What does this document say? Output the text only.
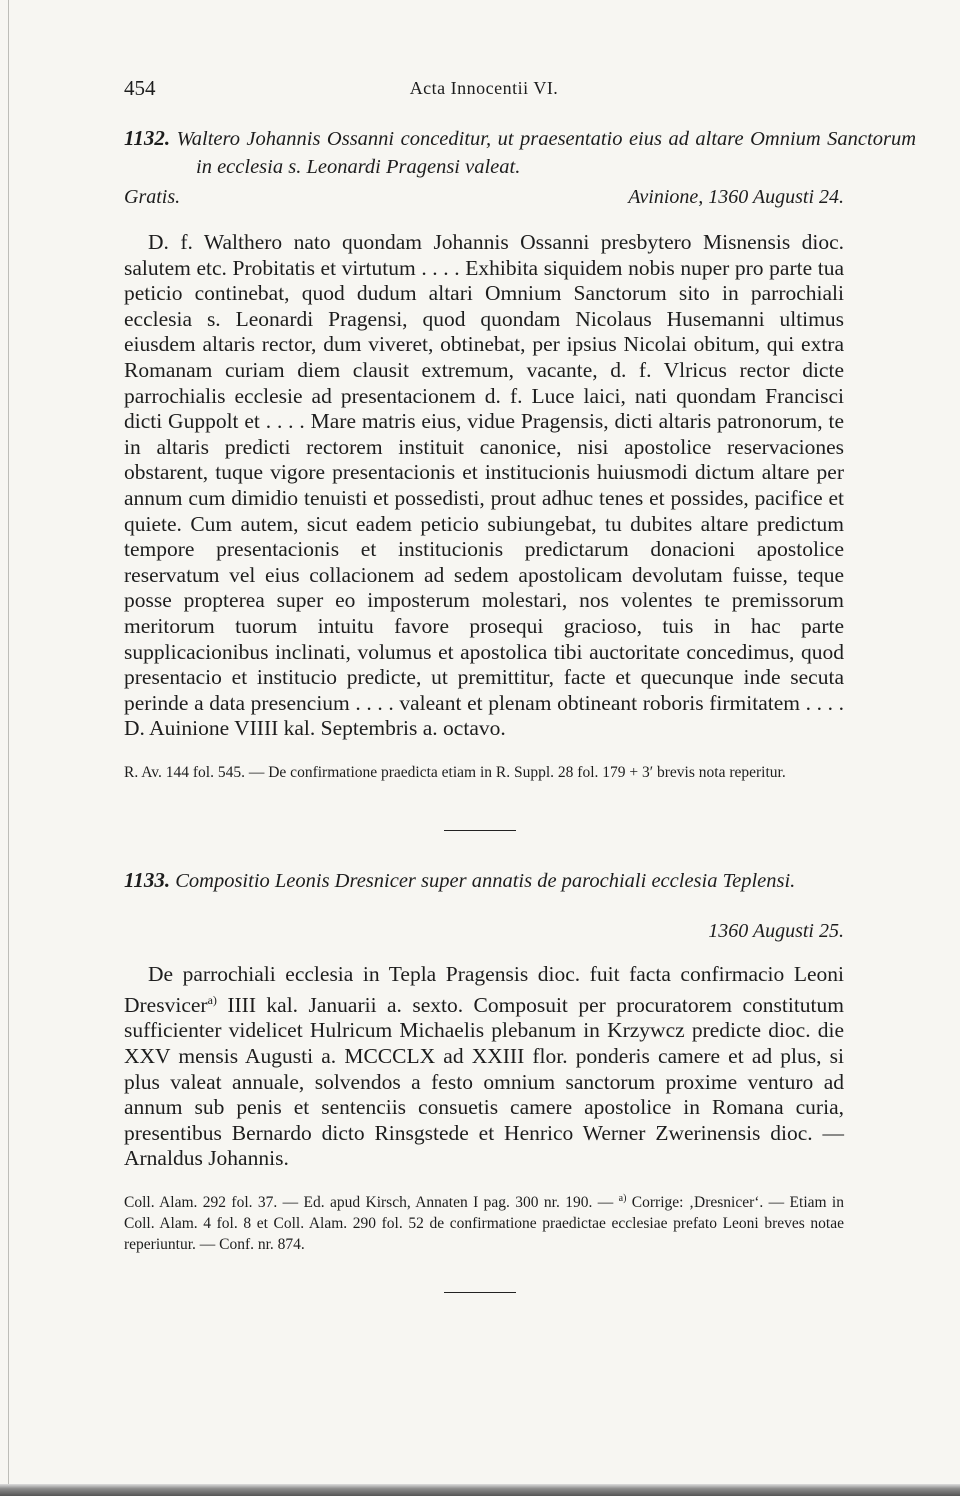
454	Acta Innocentii VI.
1132. Waltero Johannis Ossanni conceditur, ut praesentatio eius ad altare Omnium Sanctorum in ecclesia s. Leonardi Pragensi valeat.
Gratis.	Avinione, 1360 Augusti 24.

D. f. Walthero nato quondam Johannis Ossanni presbytero Misnensis dioc. salutem etc. Probitatis et virtutum . . . . Exhibita siquidem nobis nuper pro parte tua peticio continebat, quod dudum altari Omnium Sanctorum sito in parrochiali ecclesia s. Leonardi Pragensi, quod quondam Nicolaus Husemanni ultimus eiusdem altaris rector, dum viveret, obtinebat, per ipsius Nicolai obitum, qui extra Romanam curiam diem clausit extremum, vacante, d. f. Vlricus rector dicte parrochialis ecclesie ad presentacionem d. f. Luce laici, nati quondam Francisci dicti Guppolt et . . . . Mare matris eius, vidue Pragensis, dicti altaris patronorum, te in altaris predicti rectorem instituit canonice, nisi apostolice reservaciones obstarent, tuque vigore presentacionis et institucionis huiusmodi dictum altare per annum cum dimidio tenuisti et possedisti, prout adhuc tenes et possides, pacifice et quiete. Cum autem, sicut eadem peticio subiungebat, tu dubites altare predictum tempore presentacionis et institucionis predictarum donacioni apostolice reservatum vel eius collacionem ad sedem apostolicam devolutam fuisse, teque posse propterea super eo imposterum molestari, nos volentes te premissorum meritorum tuorum intuitu favore prosequi gracioso, tuis in hac parte supplicacionibus inclinati, volumus et apostolica tibi auctoritate concedimus, quod presentacio et institucio predicte, ut premittitur, facte et quecunque inde secuta perinde a data presencium . . . . valeant et plenam obtineant roboris firmitatem . . . . D. Auinione VIIII kal. Septembris a. octavo.

R. Av. 144 fol. 545. — De confirmatione praedicta etiam in R. Suppl. 28 fol. 179 + 3′ brevis nota reperitur.
1133. Compositio Leonis Dresnicer super annatis de parochiali ecclesia Teplensi.
1360 Augusti 25.

De parrochiali ecclesia in Tepla Pragensis dioc. fuit facta confirmacio Leoni Dresvicer$^{a)}$ IIII kal. Januarii a. sexto. Composuit per procuratorem constitutum sufficienter videlicet Hulricum Michaelis plebanum in Krzywcz predicte dioc. die XXV mensis Augusti a. MCCCLX ad XXIII flor. ponderis camere et ad plus, si plus valeat annuale, solvendos a festo omnium sanctorum proxime venturo ad annum sub penis et sentenciis consuetis camere apostolice in Romana curia, presentibus Bernardo dicto Rinsgstede et Henrico Werner Zwerinensis dioc. — Arnaldus Johannis.

Coll. Alam. 292 fol. 37. — Ed. apud Kirsch, Annaten I pag. 300 nr. 190. — $^{a)}$ Corrige: ‚Dresnicer‘. — Etiam in Coll. Alam. 4 fol. 8 et Coll. Alam. 290 fol. 52 de confirmatione praedictae ecclesiae prefato Leoni breves notae reperiuntur. — Conf. nr. 874.
